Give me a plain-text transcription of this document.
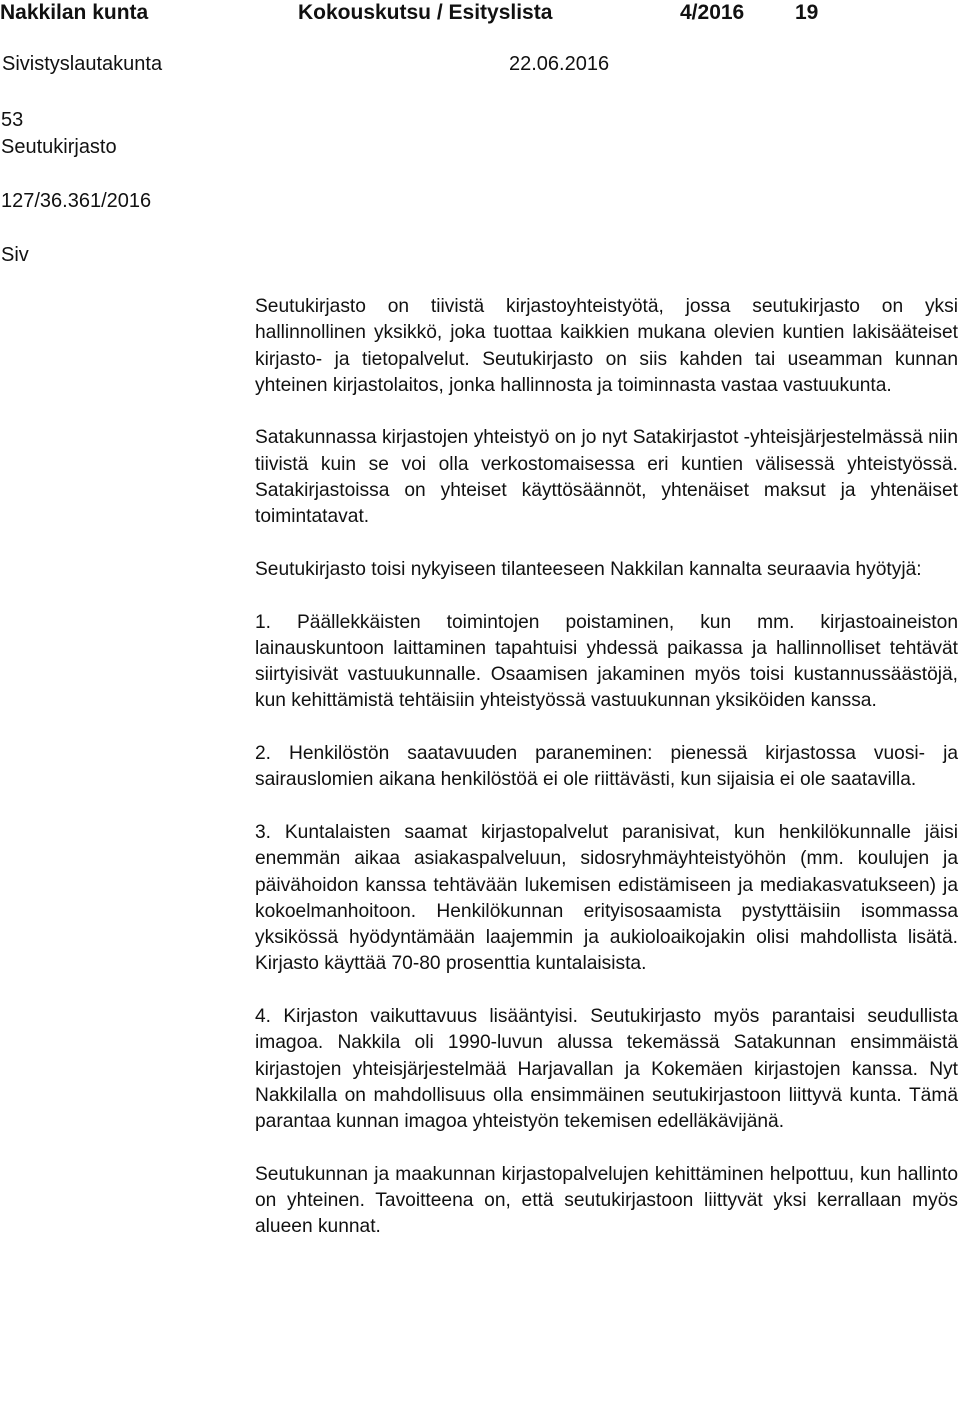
Nakkilan kunta	Kokouskutsu / Esityslista	4/2016 19
Sivistyslautakunta	22.06.2016
53
Seutukirjasto
127/36.361/2016
Siv

Seutukirjasto on tiivistä kirjastoyhteistyötä, jossa seutukirjasto on yksi hallinnollinen yksikkö, joka tuottaa kaikkien mukana olevien kuntien lakisääteiset kirjasto- ja tietopalvelut. Seutukirjasto on siis kahden tai useamman kunnan yhteinen kirjastolaitos, jonka hallinnosta ja toiminnasta vastaa vastuukunta.

Satakunnassa kirjastojen yhteistyö on jo nyt Satakirjastot -yhteisjärjestelmässä niin tiivistä kuin se voi olla verkostomaisessa eri kuntien välisessä yhteistyössä. Satakirjastoissa on yhteiset käyttösäännöt, yhtenäiset maksut ja yhtenäiset toimintatavat.

Seutukirjasto toisi nykyiseen tilanteeseen Nakkilan kannalta seuraavia hyötyjä:

1. Päällekkäisten toimintojen poistaminen, kun mm. kirjastoaineiston lainauskuntoon laittaminen tapahtuisi yhdessä paikassa ja hallinnolliset tehtävät siirtyisivät vastuukunnalle. Osaamisen jakaminen myös toisi kustannussäästöjä, kun kehittämistä tehtäisiin yhteistyössä vastuukunnan yksiköiden kanssa.

2. Henkilöstön saatavuuden paraneminen: pienessä kirjastossa vuosi- ja sairauslomien aikana henkilöstöä ei ole riittävästi, kun sijaisia ei ole saatavilla.

3. Kuntalaisten saamat kirjastopalvelut paranisivat, kun henkilökunnalle jäisi enemmän aikaa asiakaspalveluun, sidosryhmäyhteistyöhön (mm. koulujen ja päivähoidon kanssa tehtävään lukemisen edistämiseen ja mediakasvatukseen) ja kokoelmanhoitoon. Henkilökunnan erityisosaamista pystyttäisiin isommassa yksikössä hyödyntämään laajemmin ja aukioloaikojakin olisi mahdollista lisätä. Kirjasto käyttää 70-80 prosenttia kuntalaisista.

4. Kirjaston vaikuttavuus lisääntyisi. Seutukirjasto myös parantaisi seudullista imagoa. Nakkila oli 1990-luvun alussa tekemässä Satakunnan ensimmäistä kirjastojen yhteisjärjestelmää Harjavallan ja Kokemäen kirjastojen kanssa. Nyt Nakkilalla on mahdollisuus olla ensimmäinen seutukirjastoon liittyvä kunta. Tämä parantaa kunnan imagoa yhteistyön tekemisen edelläkävijänä.

Seutukunnan ja maakunnan kirjastopalvelujen kehittäminen helpottuu, kun hallinto on yhteinen. Tavoitteena on, että seutukirjastoon liittyvät yksi kerrallaan myös alueen kunnat.
